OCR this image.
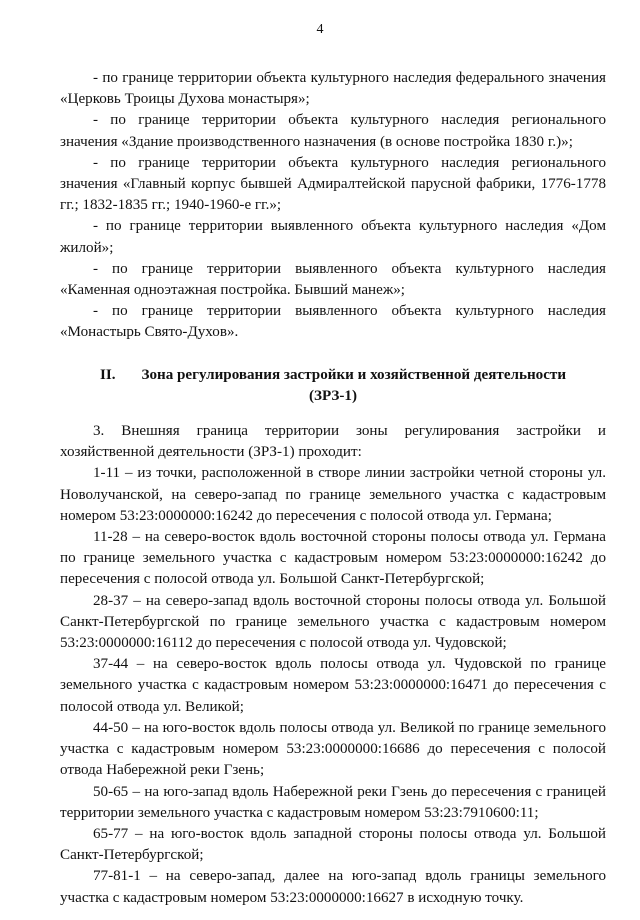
4

- по границе территории объекта культурного наследия федерального значения «Церковь Троицы Духова монастыря»;

- по границе территории объекта культурного наследия регионального значения «Здание производственного назначения (в основе постройка 1830 г.)»;

- по границе территории объекта культурного наследия регионального значения «Главный корпус бывшей Адмиралтейской парусной фабрики, 1776-1778 гг.; 1832-1835 гг.; 1940-1960-е гг.»;

- по границе территории выявленного объекта культурного наследия «Дом жилой»;

- по границе территории выявленного объекта культурного наследия «Каменная одноэтажная постройка. Бывший манеж»;

- по границе территории выявленного объекта культурного наследия «Монастырь Свято-Духов».

II. Зона регулирования застройки и хозяйственной деятельности
(ЗРЗ-1)

3. Внешняя граница территории зоны регулирования застройки и хозяйственной деятельности (ЗРЗ-1) проходит:

1-11 – из точки, расположенной в створе линии застройки четной стороны ул. Новолучанской, на северо-запад по границе земельного участка с кадастровым номером 53:23:0000000:16242 до пересечения с полосой отвода ул. Германа;

11-28 – на северо-восток вдоль восточной стороны полосы отвода ул. Германа по границе земельного участка с кадастровым номером 53:23:0000000:16242 до пересечения с полосой отвода ул. Большой Санкт-Петербургской;

28-37 – на северо-запад вдоль восточной стороны полосы отвода ул. Большой Санкт-Петербургской по границе земельного участка с кадастровым номером 53:23:0000000:16112 до пересечения с полосой отвода ул. Чудовской;

37-44 – на северо-восток вдоль полосы отвода ул. Чудовской по границе земельного участка с кадастровым номером 53:23:0000000:16471 до пересечения с полосой отвода ул. Великой;

44-50 – на юго-восток вдоль полосы отвода ул. Великой по границе земельного участка с кадастровым номером 53:23:0000000:16686 до пересечения с полосой отвода Набережной реки Гзень;

50-65 – на юго-запад вдоль Набережной реки Гзень до пересечения с границей территории земельного участка с кадастровым номером 53:23:7910600:11;

65-77 – на юго-восток вдоль западной стороны полосы отвода ул. Большой Санкт-Петербургской;

77-81-1 – на северо-запад, далее на юго-запад вдоль границы земельного участка с кадастровым номером 53:23:0000000:16627 в исходную точку.
